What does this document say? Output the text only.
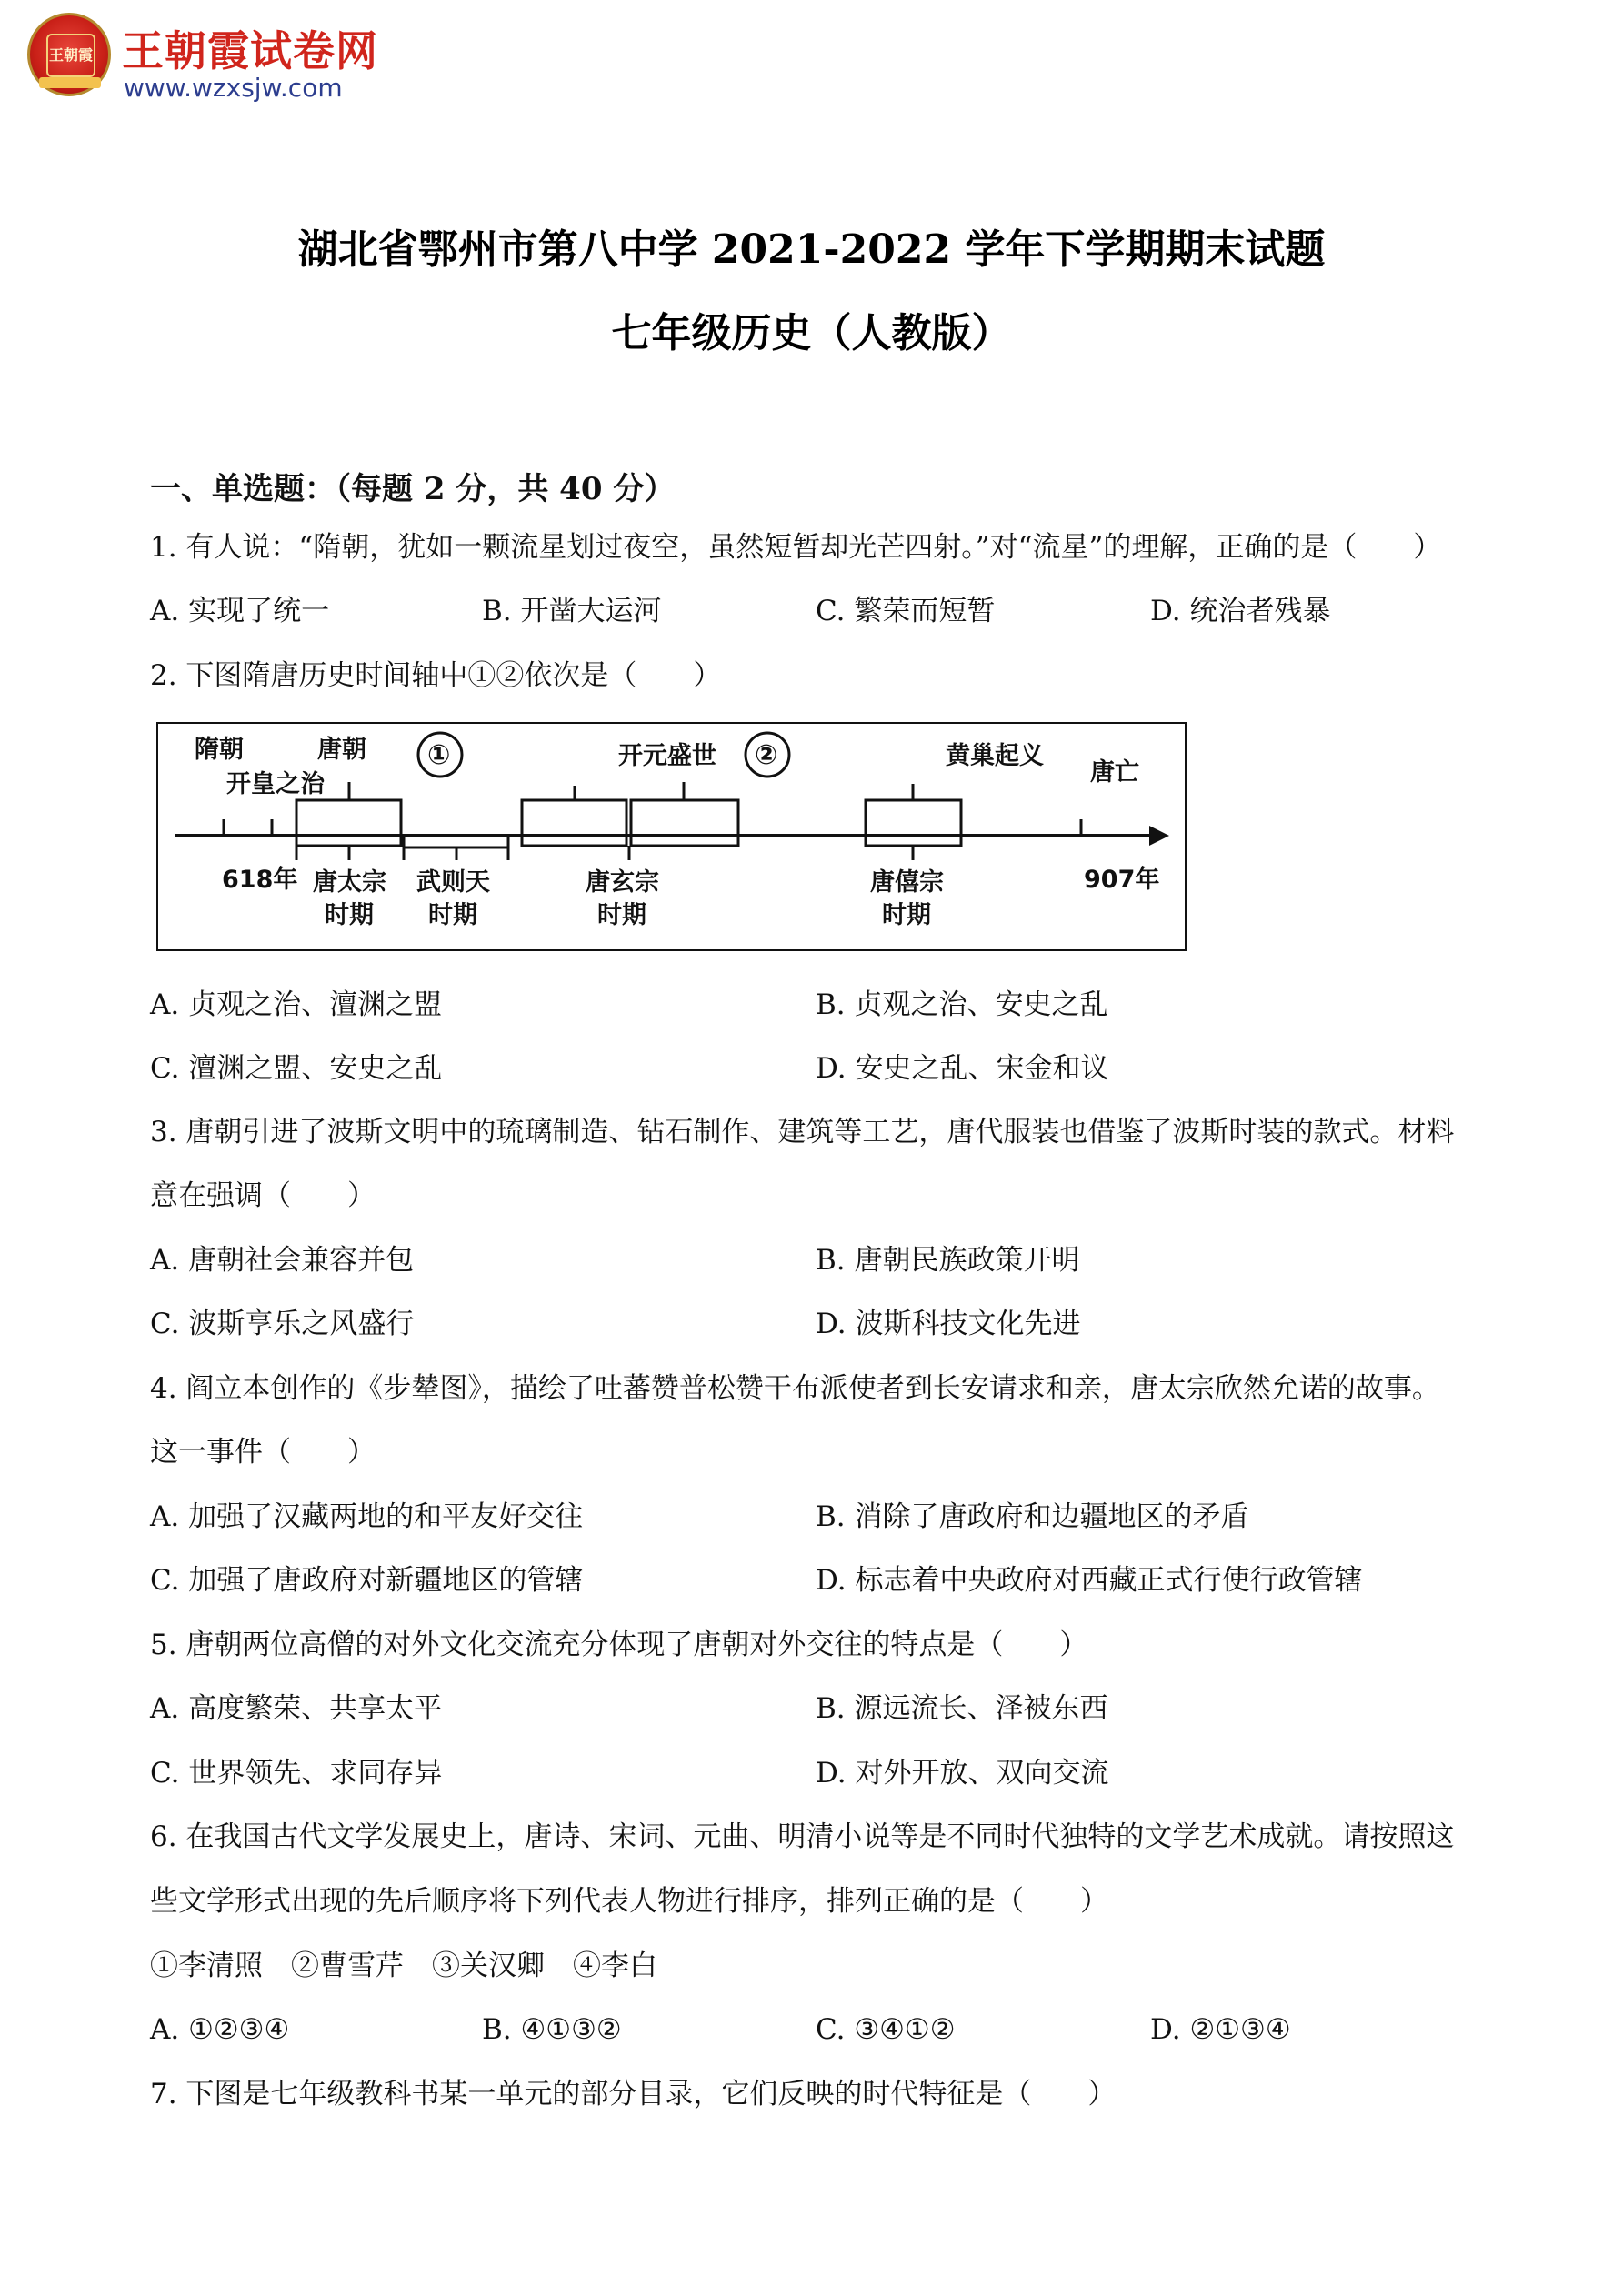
王朝霞 王朝霞试卷网
www.wzxsjw.com
湖北省鄂州市第八中学 2021-2022 学年下学期期末试题
七年级历史（人教版）
一、单选题：（每题 2 分，共 40 分）
1. 有人说：“隋朝，犹如一颗流星划过夜空，虽然短暂却光芒四射。”对“流星”的理解，正确的是（　　）
A. 实现了统一	B. 开凿大运河	C. 繁荣而短暂	D. 统治者残暴
2. 下图隋唐历史时间轴中①②依次是（　　）
隋朝
开皇之治
唐朝 ①	开元盛世 ②	黄巢起义
唐亡
618年 唐太宗
时期
武则天
时期
唐玄宗
时期
唐僖宗
时期
907年
A. 贞观之治、澶渊之盟	B. 贞观之治、安史之乱
C. 澶渊之盟、安史之乱	D. 安史之乱、宋金和议
3. 唐朝引进了波斯文明中的琉璃制造、钻石制作、建筑等工艺，唐代服装也借鉴了波斯时装的款式。材料
意在强调（　　）
A. 唐朝社会兼容并包	B. 唐朝民族政策开明
C. 波斯享乐之风盛行	D. 波斯科技文化先进
4. 阎立本创作的《步辇图》，描绘了吐蕃赞普松赞干布派使者到长安请求和亲，唐太宗欣然允诺的故事。
这一事件（　　）
A. 加强了汉藏两地的和平友好交往	B. 消除了唐政府和边疆地区的矛盾
C. 加强了唐政府对新疆地区的管辖	D. 标志着中央政府对西藏正式行使行政管辖
5. 唐朝两位高僧的对外文化交流充分体现了唐朝对外交往的特点是（　　）
A. 高度繁荣、共享太平	B. 源远流长、泽被东西
C. 世界领先、求同存异	D. 对外开放、双向交流
6. 在我国古代文学发展史上，唐诗、宋词、元曲、明清小说等是不同时代独特的文学艺术成就。请按照这
些文学形式出现的先后顺序将下列代表人物进行排序，排列正确的是（　　）
①李清照　②曹雪芹　③关汉卿　④李白
A. ①②③④	B. ④①③②	C. ③④①②	D. ②①③④
7. 下图是七年级教科书某一单元的部分目录，它们反映的时代特征是（　　）
